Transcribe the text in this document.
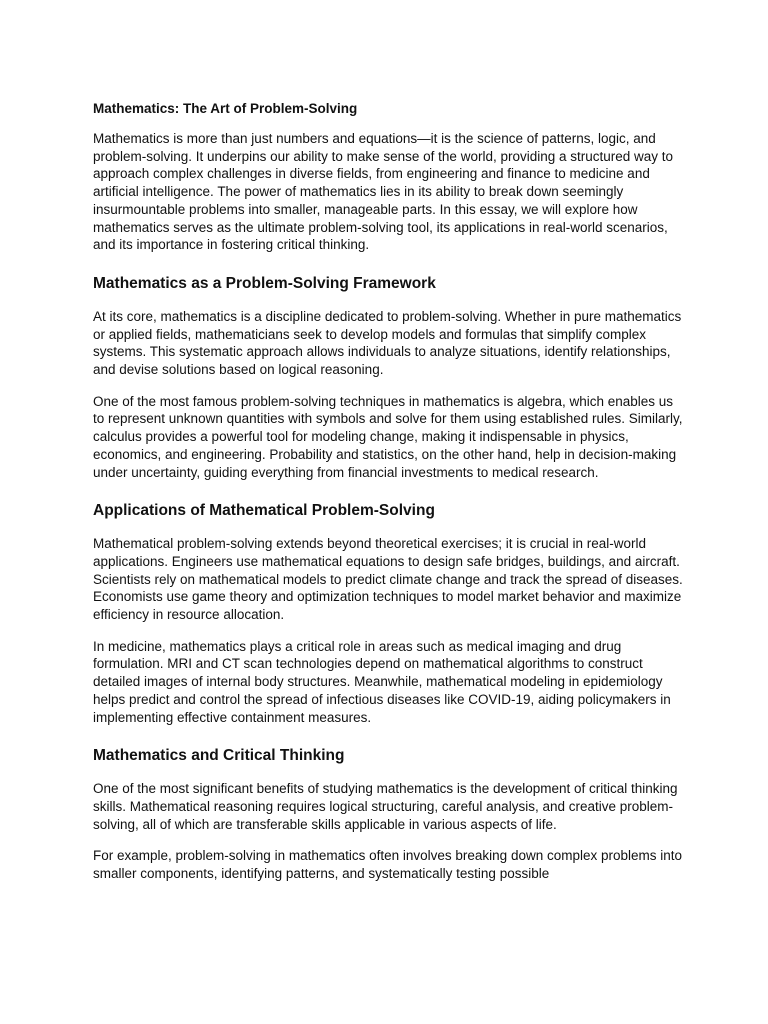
Mathematics: The Art of Problem-Solving

Mathematics is more than just numbers and equations—it is the science of patterns, logic, and problem-solving. It underpins our ability to make sense of the world, providing a structured way to approach complex challenges in diverse fields, from engineering and finance to medicine and artificial intelligence. The power of mathematics lies in its ability to break down seemingly insurmountable problems into smaller, manageable parts. In this essay, we will explore how mathematics serves as the ultimate problem-solving tool, its applications in real-world scenarios, and its importance in fostering critical thinking.

Mathematics as a Problem-Solving Framework

At its core, mathematics is a discipline dedicated to problem-solving. Whether in pure mathematics or applied fields, mathematicians seek to develop models and formulas that simplify complex systems. This systematic approach allows individuals to analyze situations, identify relationships, and devise solutions based on logical reasoning.

One of the most famous problem-solving techniques in mathematics is algebra, which enables us to represent unknown quantities with symbols and solve for them using established rules. Similarly, calculus provides a powerful tool for modeling change, making it indispensable in physics, economics, and engineering. Probability and statistics, on the other hand, help in decision-making under uncertainty, guiding everything from financial investments to medical research.

Applications of Mathematical Problem-Solving

Mathematical problem-solving extends beyond theoretical exercises; it is crucial in real-world applications. Engineers use mathematical equations to design safe bridges, buildings, and aircraft. Scientists rely on mathematical models to predict climate change and track the spread of diseases. Economists use game theory and optimization techniques to model market behavior and maximize efficiency in resource allocation.

In medicine, mathematics plays a critical role in areas such as medical imaging and drug formulation. MRI and CT scan technologies depend on mathematical algorithms to construct detailed images of internal body structures. Meanwhile, mathematical modeling in epidemiology helps predict and control the spread of infectious diseases like COVID-19, aiding policymakers in implementing effective containment measures.

Mathematics and Critical Thinking

One of the most significant benefits of studying mathematics is the development of critical thinking skills. Mathematical reasoning requires logical structuring, careful analysis, and creative problem-solving, all of which are transferable skills applicable in various aspects of life.

For example, problem-solving in mathematics often involves breaking down complex problems into smaller components, identifying patterns, and systematically testing possible
